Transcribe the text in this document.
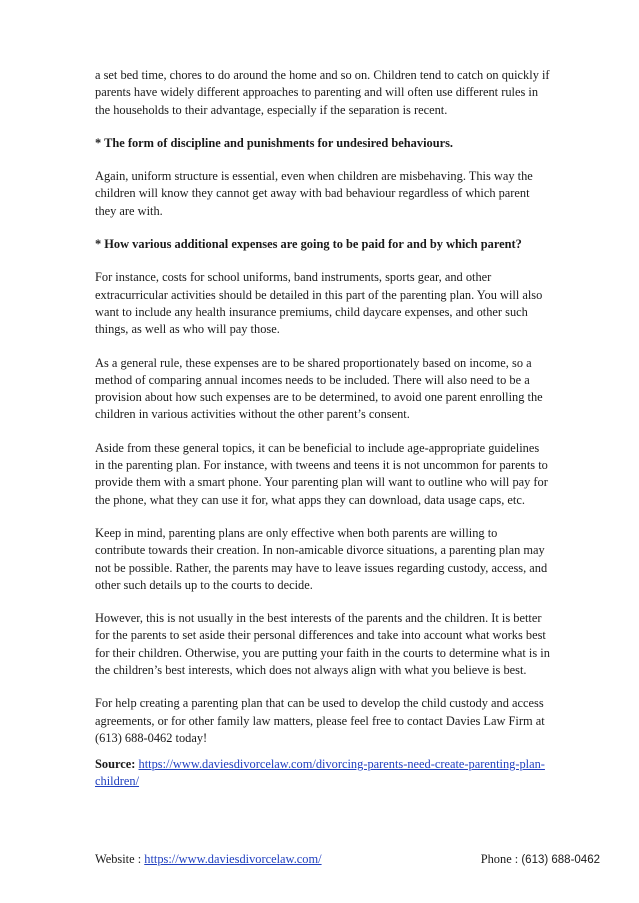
a set bed time, chores to do around the home and so on. Children tend to catch on quickly if parents have widely different approaches to parenting and will often use different rules in the households to their advantage, especially if the separation is recent.

* The form of discipline and punishments for undesired behaviours.

Again, uniform structure is essential, even when children are misbehaving. This way the children will know they cannot get away with bad behaviour regardless of which parent they are with.

* How various additional expenses are going to be paid for and by which parent?

For instance, costs for school uniforms, band instruments, sports gear, and other extracurricular activities should be detailed in this part of the parenting plan. You will also want to include any health insurance premiums, child daycare expenses, and other such things, as well as who will pay those.

As a general rule, these expenses are to be shared proportionately based on income, so a method of comparing annual incomes needs to be included. There will also need to be a provision about how such expenses are to be determined, to avoid one parent enrolling the children in various activities without the other parent’s consent.

Aside from these general topics, it can be beneficial to include age-appropriate guidelines in the parenting plan. For instance, with tweens and teens it is not uncommon for parents to provide them with a smart phone. Your parenting plan will want to outline who will pay for the phone, what they can use it for, what apps they can download, data usage caps, etc.

Keep in mind, parenting plans are only effective when both parents are willing to contribute towards their creation. In non-amicable divorce situations, a parenting plan may not be possible. Rather, the parents may have to leave issues regarding custody, access, and other such details up to the courts to decide.

However, this is not usually in the best interests of the parents and the children. It is better for the parents to set aside their personal differences and take into account what works best for their children. Otherwise, you are putting your faith in the courts to determine what is in the children’s best interests, which does not always align with what you believe is best.

For help creating a parenting plan that can be used to develop the child custody and access agreements, or for other family law matters, please feel free to contact Davies Law Firm at (613) 688-0462 today!

Source: https://www.daviesdivorcelaw.com/divorcing-parents-need-create-parenting-plan-children/
Website : https://www.daviesdivorcelaw.com/	Phone : (613) 688-0462
